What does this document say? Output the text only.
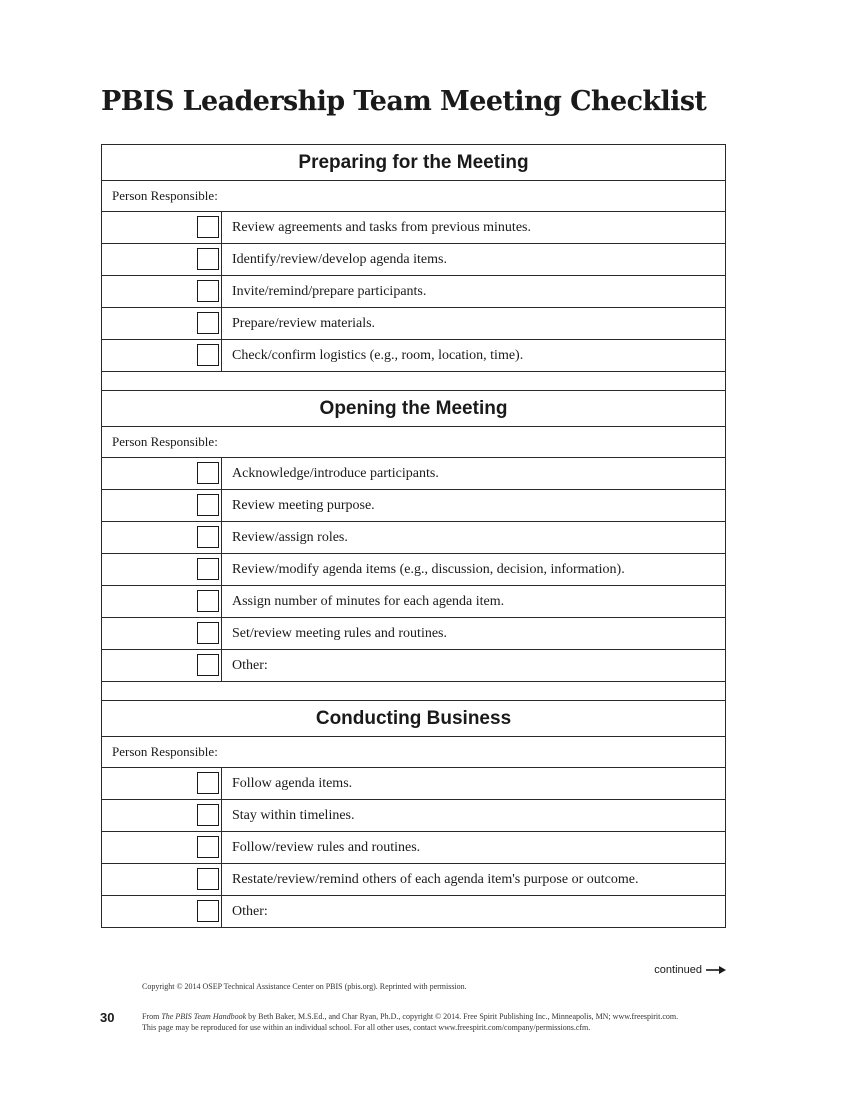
PBIS Leadership Team Meeting Checklist
Preparing for the Meeting	
Person Responsible:	

	Review agreements and tasks from previous minutes.

	Identify/review/develop agenda items.

	Invite/remind/prepare participants.

	Prepare/review materials.

	Check/confirm logistics (e.g., room, location, time).

Opening the Meeting	
Person Responsible:	

	Acknowledge/introduce participants.

	Review meeting purpose.

	Review/assign roles.

	Review/modify agenda items (e.g., discussion, decision, information).

	Assign number of minutes for each agenda item.

	Set/review meeting rules and routines.

	Other:

Conducting Business	
Person Responsible:	

	Follow agenda items.

	Stay within timelines.

	Follow/review rules and routines.

	Restate/review/remind others of each agenda item's purpose or outcome.

	Other:
continued
Copyright © 2014 OSEP Technical Assistance Center on PBIS (pbis.org). Reprinted with permission.
30	From The PBIS Team Handbook by Beth Baker, M.S.Ed., and Char Ryan, Ph.D., copyright © 2014. Free Spirit Publishing Inc., Minneapolis, MN; www.freespirit.com.
This page may be reproduced for use within an individual school. For all other uses, contact www.freespirit.com/company/permissions.cfm.
